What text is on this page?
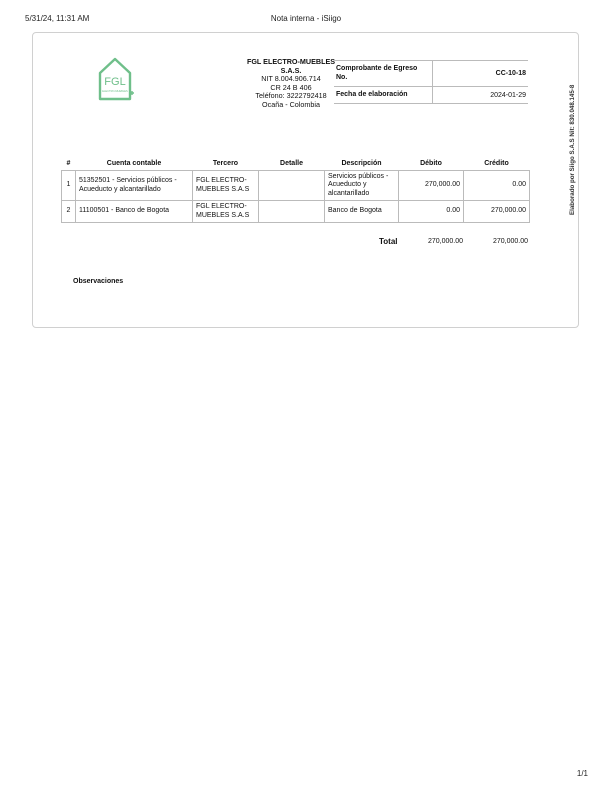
5/31/24, 11:31 AM	Nota interna - iSiigo
FGL
ELECTRO-MUEBLES
FGL ELECTRO-MUEBLES S.A.S.
NIT 8.004.906.714
CR 24 B 406
Teléfono: 3222792418
Ocaña - Colombia
Comprobante de Egreso No.	CC-10-18
Fecha de elaboración	2024-01-29	Elaborado por Siigo S.A.S Nit: 830.048.145-8
#	Cuenta contable	Tercero	Detalle	Descripción	Débito	Crédito
1	51352501 - Servicios públicos - Acueducto y alcantarillado	FGL ELECTRO-MUEBLES S.A.S		Servicios públicos - Acueducto y alcantarillado	270,000.00	0.00
2	11100501 - Banco de Bogota	FGL ELECTRO-MUEBLES S.A.S		Banco de Bogota	0.00	270,000.00
Total	270,000.00	270,000.00
Observaciones
1/1
